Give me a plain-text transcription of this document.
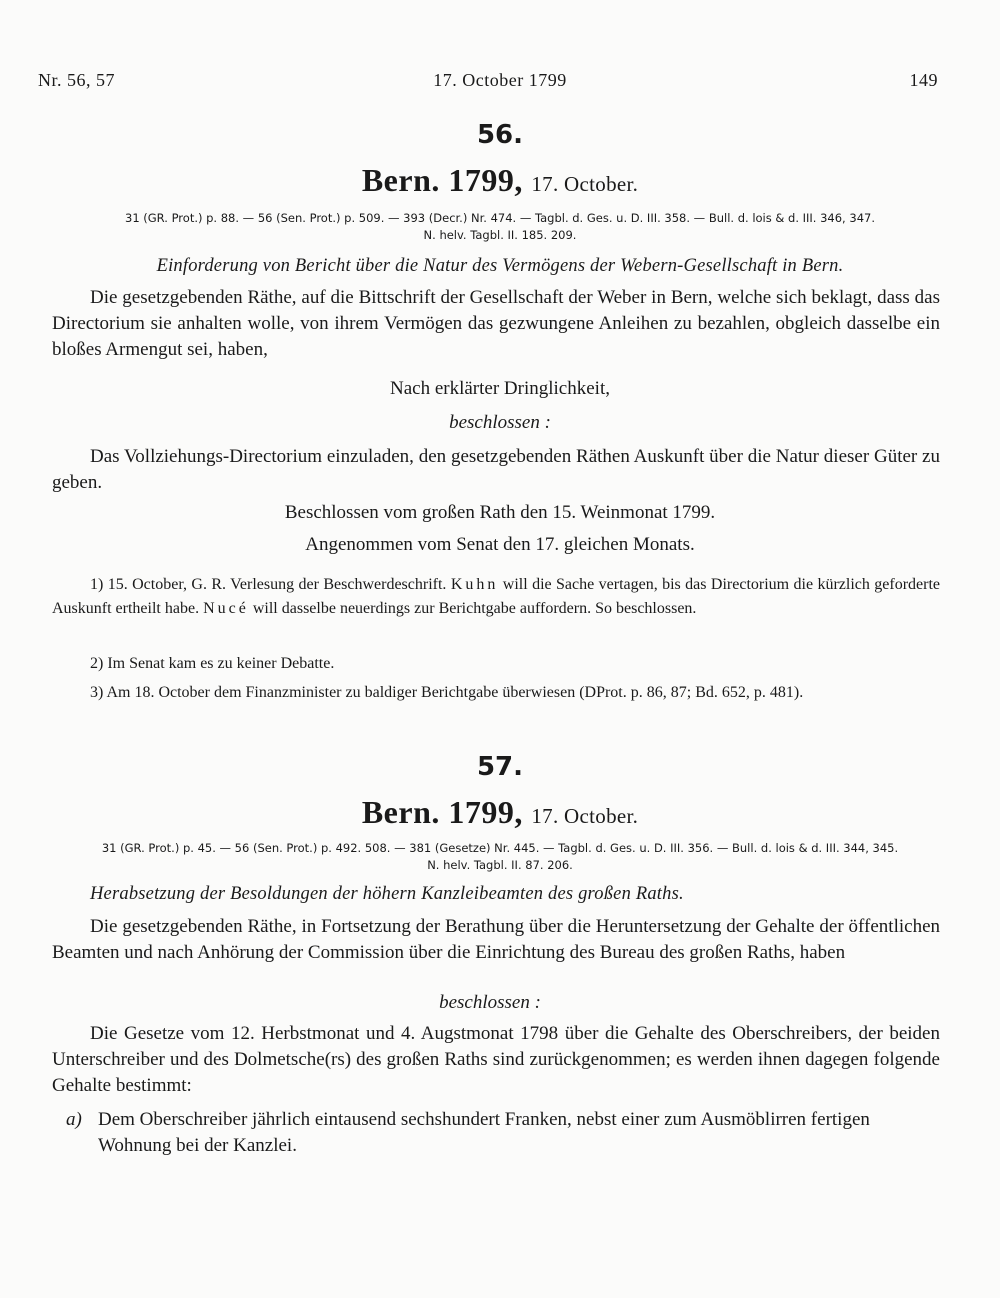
Nr. 56, 57	17. October 1799	149
56.
Bern. 1799, 17. October.
31 (GR. Prot.) p. 88. — 56 (Sen. Prot.) p. 509. — 393 (Decr.) Nr. 474. — Tagbl. d. Ges. u. D. III. 358. — Bull. d. lois & d. III. 346, 347.
N. helv. Tagbl. II. 185. 209.
Einforderung von Bericht über die Natur des Vermögens der Webern-Gesellschaft in Bern.
Die gesetzgebenden Räthe, auf die Bittschrift der Gesellschaft der Weber in Bern, welche sich beklagt, dass das Directorium sie anhalten wolle, von ihrem Vermögen das gezwungene Anleihen zu bezahlen, obgleich dasselbe ein bloßes Armengut sei, haben,
Nach erklärter Dringlichkeit,
beschlossen :
Das Vollziehungs-Directorium einzuladen, den gesetzgebenden Räthen Auskunft über die Natur dieser Güter zu geben.
Beschlossen vom großen Rath den 15. Weinmonat 1799.
Angenommen vom Senat den 17. gleichen Monats.
1) 15. October, G. R. Verlesung der Beschwerdeschrift. Kuhn will die Sache vertagen, bis das Directorium die kürzlich geforderte Auskunft ertheilt habe. Nucé will dasselbe neuerdings zur Berichtgabe auffordern. So beschlossen.
2) Im Senat kam es zu keiner Debatte.
3) Am 18. October dem Finanzminister zu baldiger Berichtgabe überwiesen (DProt. p. 86, 87; Bd. 652, p. 481).
57.
Bern. 1799, 17. October.
31 (GR. Prot.) p. 45. — 56 (Sen. Prot.) p. 492. 508. — 381 (Gesetze) Nr. 445. — Tagbl. d. Ges. u. D. III. 356. — Bull. d. lois & d. III. 344, 345.
N. helv. Tagbl. II. 87. 206.
Herabsetzung der Besoldungen der höhern Kanzleibeamten des großen Raths.
Die gesetzgebenden Räthe, in Fortsetzung der Berathung über die Heruntersetzung der Gehalte der öffentlichen Beamten und nach Anhörung der Commission über die Einrichtung des Bureau des großen Raths, haben
beschlossen :
Die Gesetze vom 12. Herbstmonat und 4. Augstmonat 1798 über die Gehalte des Oberschreibers, der beiden Unterschreiber und des Dolmetsche(rs) des großen Raths sind zurückgenommen; es werden ihnen dagegen folgende Gehalte bestimmt:
a) Dem Oberschreiber jährlich eintausend sechshundert Franken, nebst einer zum Ausmöblirren fertigen Wohnung bei der Kanzlei.
